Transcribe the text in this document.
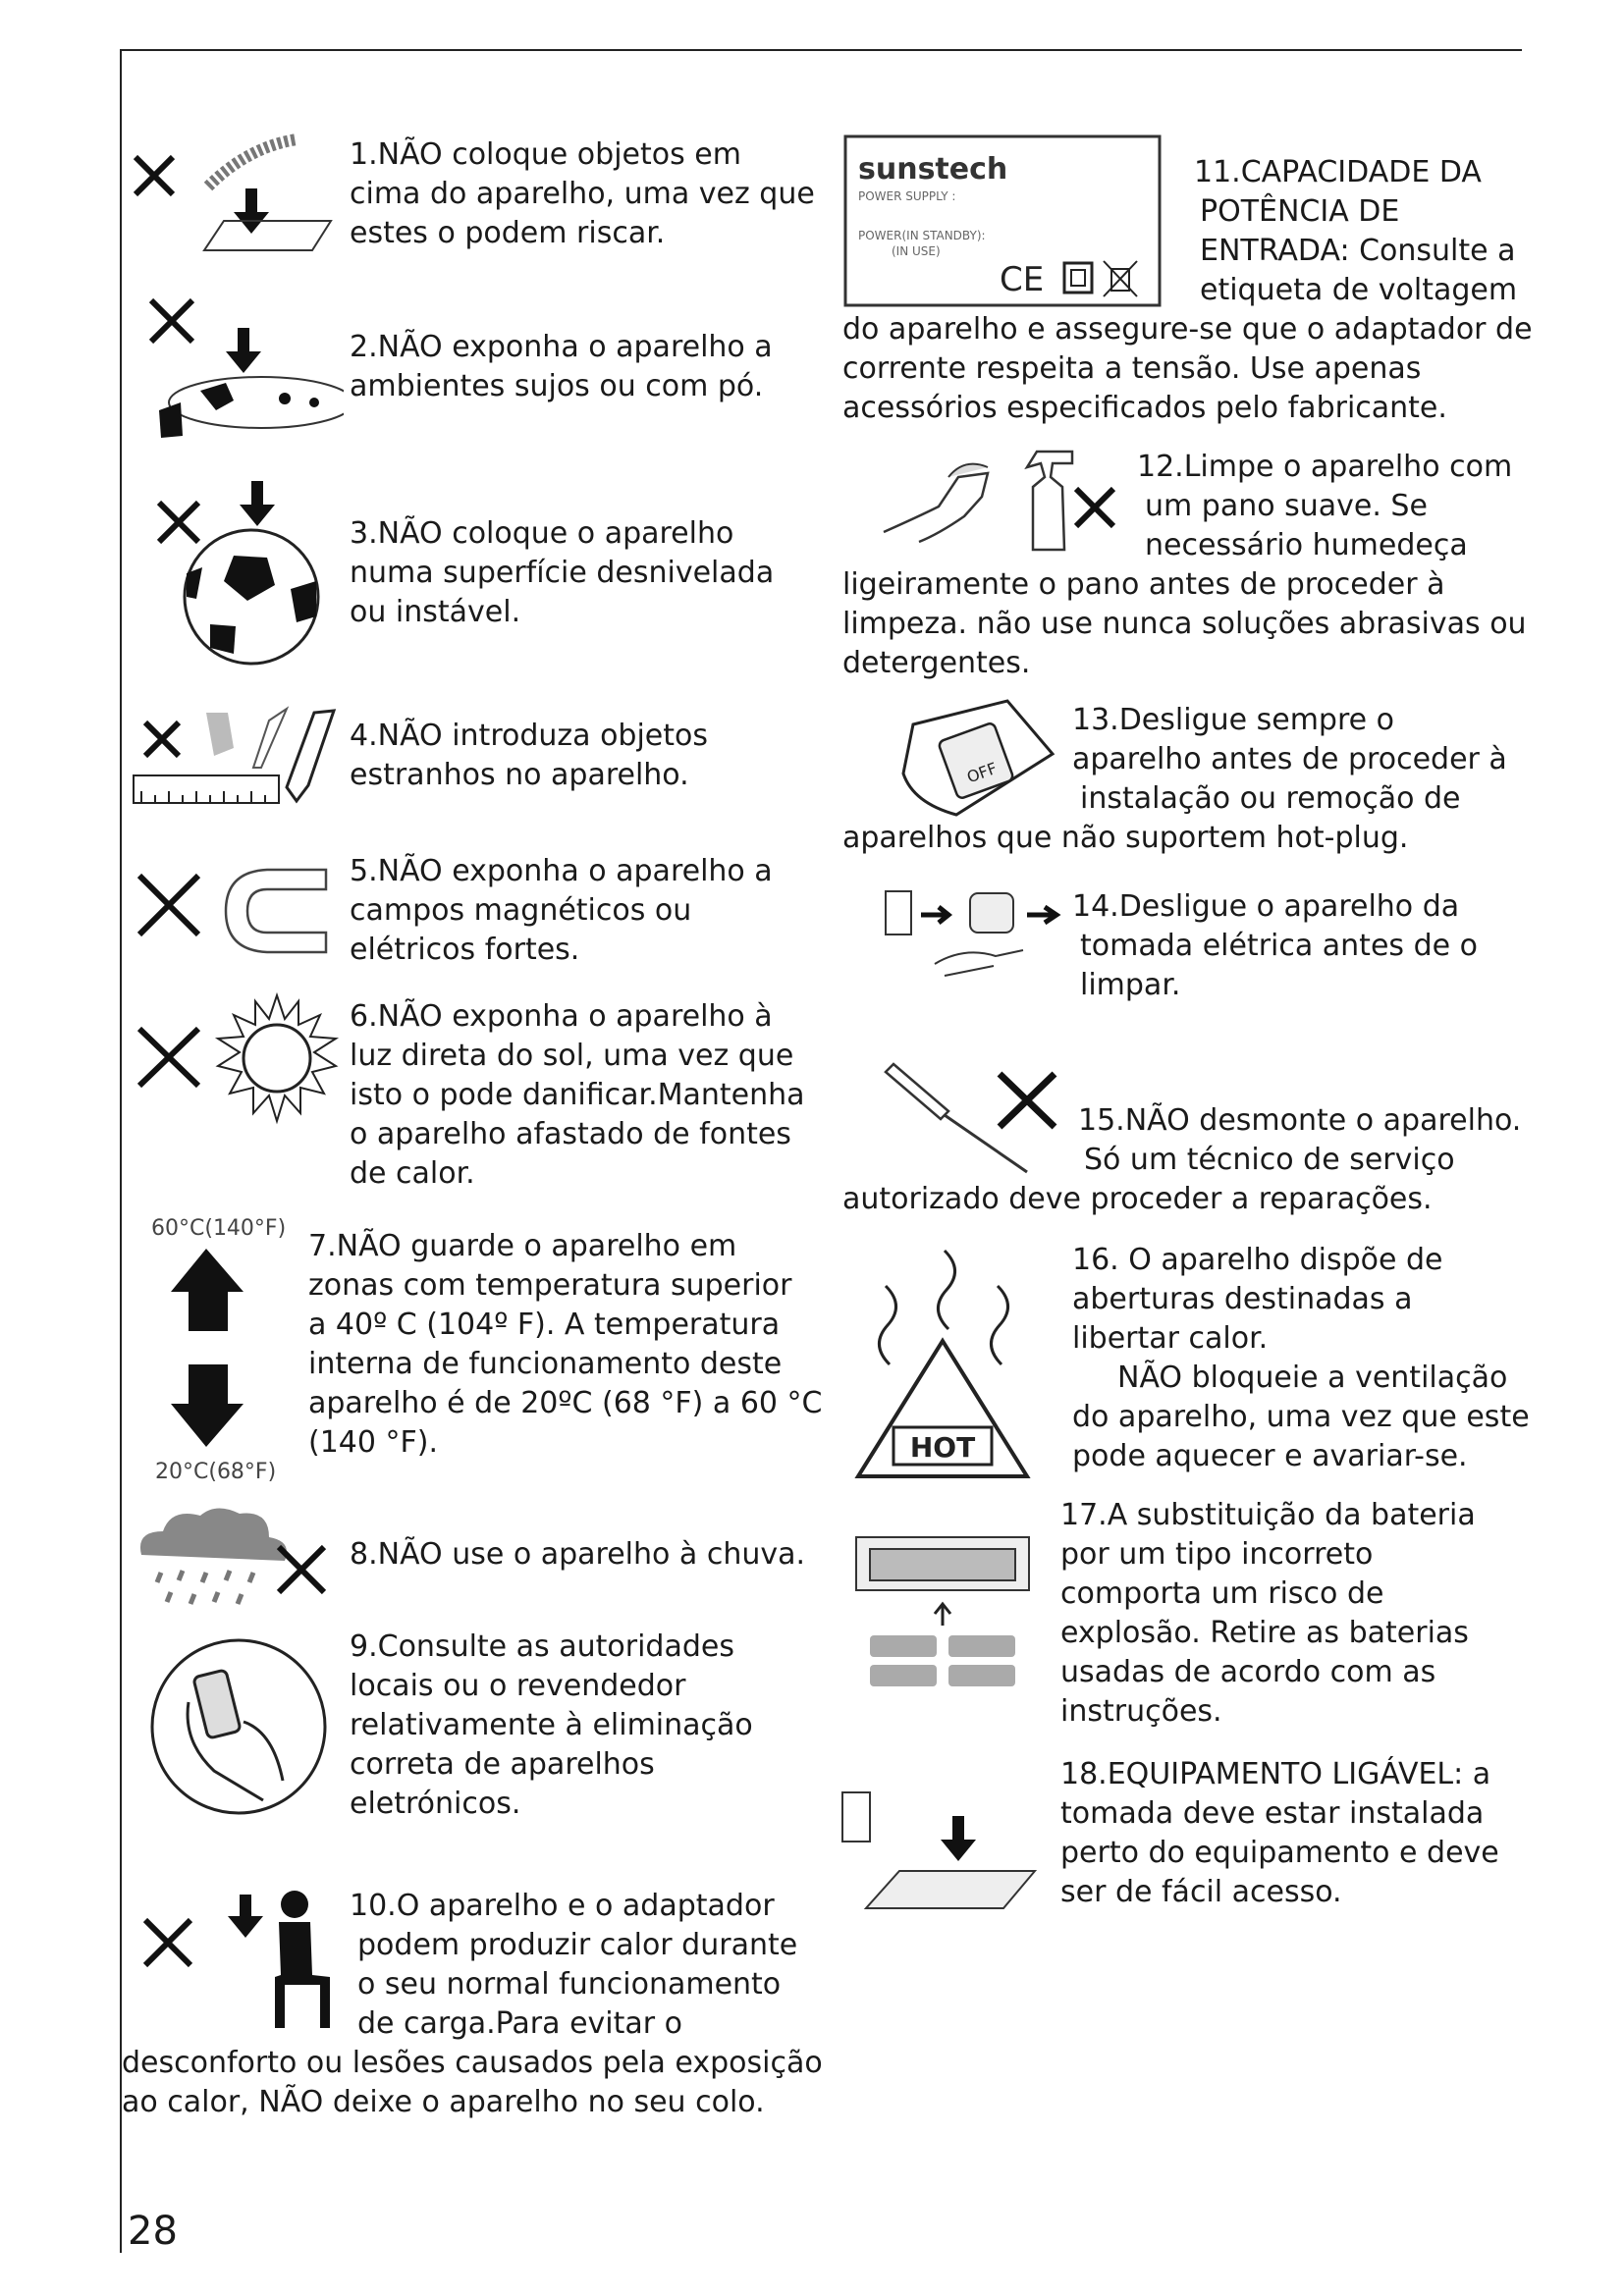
1.NÃO coloque objetos em
cima do aparelho, uma vez que
estes o podem riscar.

2.NÃO exponha o aparelho a
ambientes sujos ou com pó.

3.NÃO coloque o aparelho
numa superfície desnivelada
ou instável.

4.NÃO introduza objetos
estranhos no aparelho.

5.NÃO exponha o aparelho a
campos magnéticos ou
elétricos fortes.

6.NÃO exponha o aparelho à
luz direta do sol, uma vez que
isto o pode danificar.Mantenha
o aparelho afastado de fontes
de calor.

60°C(140°F)
20°C(68°F)

7.NÃO guarde o aparelho em
zonas com temperatura superior
a 40º C (104º F). A temperatura
interna de funcionamento deste
aparelho é de 20ºC (68 °F) a 60 °C
(140 °F).

8.NÃO use o aparelho à chuva.

9.Consulte as autoridades
locais ou o revendedor
relativamente à eliminação
correta de aparelhos
eletrónicos.

10.O aparelho e o adaptador
podem produzir calor durante
o seu normal funcionamento
de carga.Para evitar o
desconforto ou lesões causados pela exposição
ao calor, NÃO deixe o aparelho no seu colo.

sunstech
POWER SUPPLY :
POWER(IN STANDBY):
(IN USE)
CE

11.CAPACIDADE DA
POTÊNCIA DE
ENTRADA: Consulte a
etiqueta de voltagem
do aparelho e assegure-se que o adaptador de
corrente respeita a tensão. Use apenas
acessórios especificados pelo fabricante.

12.Limpe o aparelho com
um pano suave. Se
necessário humedeça
ligeiramente o pano antes de proceder à
limpeza. não use nunca soluções abrasivas ou
detergentes.

OFF

13.Desligue sempre o
aparelho antes de proceder à
instalação ou remoção de
aparelhos que não suportem hot-plug.

14.Desligue o aparelho da
tomada elétrica antes de o
limpar.

15.NÃO desmonte o aparelho.
Só um técnico de serviço
autorizado deve proceder a reparações.

HOT

16. O aparelho dispõe de
aberturas destinadas a
libertar calor.
NÃO bloqueie a ventilação
do aparelho, uma vez que este
pode aquecer e avariar-se.

17.A substituição da bateria
por um tipo incorreto
comporta um risco de
explosão. Retire as baterias
usadas de acordo com as
instruções.

18.EQUIPAMENTO LIGÁVEL: a
tomada deve estar instalada
perto do equipamento e deve
ser de fácil acesso.

28
